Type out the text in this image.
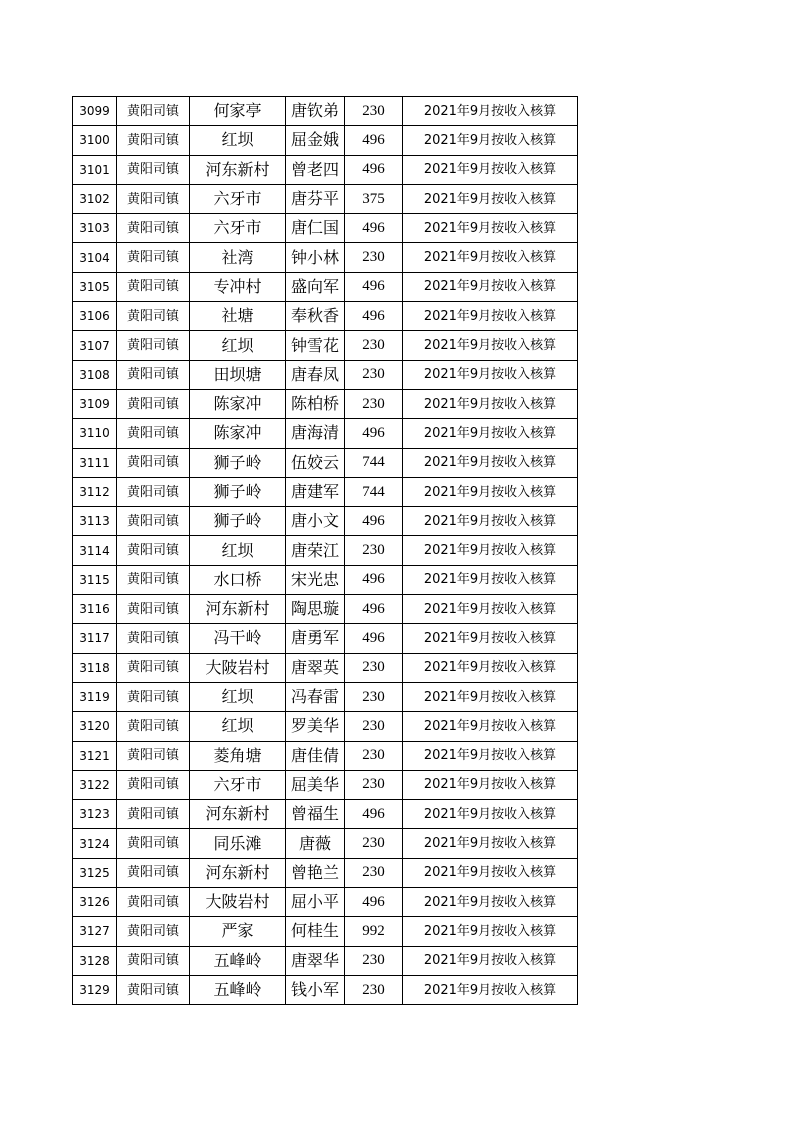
3099	黄阳司镇	何家亭	唐钦弟	230	2021年9月按收入核算
3100	黄阳司镇	红坝	屈金娥	496	2021年9月按收入核算
3101	黄阳司镇	河东新村	曾老四	496	2021年9月按收入核算
3102	黄阳司镇	六牙市	唐芬平	375	2021年9月按收入核算
3103	黄阳司镇	六牙市	唐仁国	496	2021年9月按收入核算
3104	黄阳司镇	社湾	钟小林	230	2021年9月按收入核算
3105	黄阳司镇	专冲村	盛向军	496	2021年9月按收入核算
3106	黄阳司镇	社塘	奉秋香	496	2021年9月按收入核算
3107	黄阳司镇	红坝	钟雪花	230	2021年9月按收入核算
3108	黄阳司镇	田坝塘	唐春凤	230	2021年9月按收入核算
3109	黄阳司镇	陈家冲	陈柏桥	230	2021年9月按收入核算
3110	黄阳司镇	陈家冲	唐海清	496	2021年9月按收入核算
3111	黄阳司镇	狮子岭	伍姣云	744	2021年9月按收入核算
3112	黄阳司镇	狮子岭	唐建军	744	2021年9月按收入核算
3113	黄阳司镇	狮子岭	唐小文	496	2021年9月按收入核算
3114	黄阳司镇	红坝	唐荣江	230	2021年9月按收入核算
3115	黄阳司镇	水口桥	宋光忠	496	2021年9月按收入核算
3116	黄阳司镇	河东新村	陶思璇	496	2021年9月按收入核算
3117	黄阳司镇	冯干岭	唐勇军	496	2021年9月按收入核算
3118	黄阳司镇	大陂岩村	唐翠英	230	2021年9月按收入核算
3119	黄阳司镇	红坝	冯春雷	230	2021年9月按收入核算
3120	黄阳司镇	红坝	罗美华	230	2021年9月按收入核算
3121	黄阳司镇	菱角塘	唐佳倩	230	2021年9月按收入核算
3122	黄阳司镇	六牙市	屈美华	230	2021年9月按收入核算
3123	黄阳司镇	河东新村	曾福生	496	2021年9月按收入核算
3124	黄阳司镇	同乐滩	唐薇	230	2021年9月按收入核算
3125	黄阳司镇	河东新村	曾艳兰	230	2021年9月按收入核算
3126	黄阳司镇	大陂岩村	屈小平	496	2021年9月按收入核算
3127	黄阳司镇	严家	何桂生	992	2021年9月按收入核算
3128	黄阳司镇	五峰岭	唐翠华	230	2021年9月按收入核算
3129	黄阳司镇	五峰岭	钱小军	230	2021年9月按收入核算
